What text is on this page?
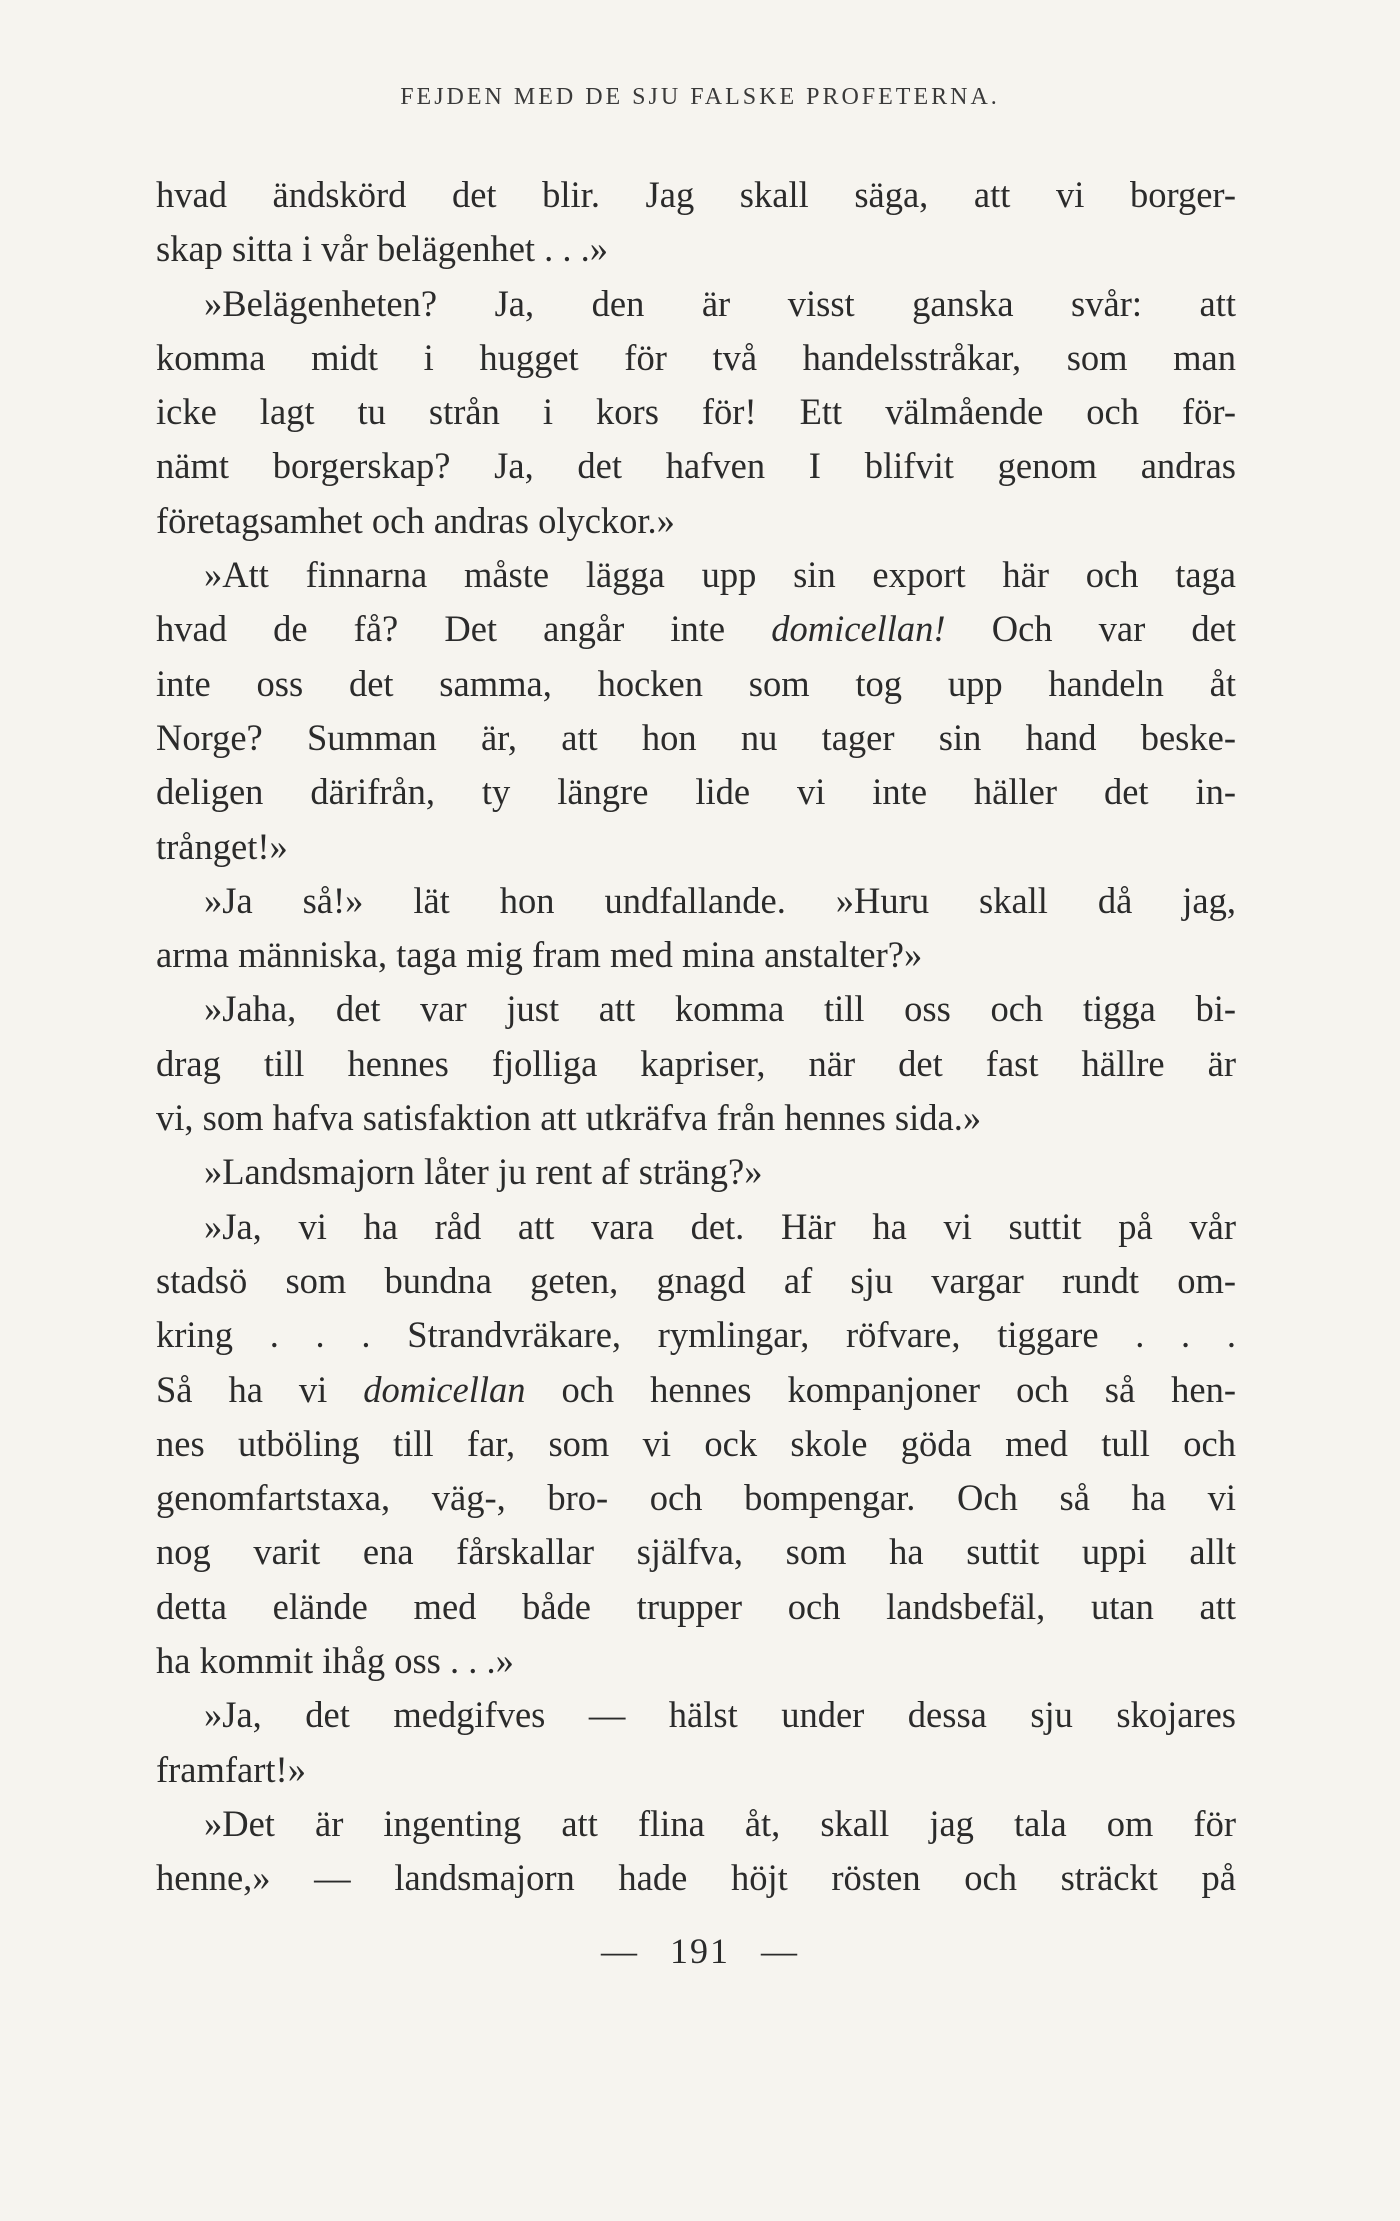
FEJDEN MED DE SJU FALSKE PROFETERNA.
hvad ändskörd det blir. Jag skall säga, att vi borger-
skap sitta i vår belägenhet . . .»
»Belägenheten? Ja, den är visst ganska svår: att
komma midt i hugget för två handelsstråkar, som man
icke lagt tu strån i kors för! Ett välmående och för-
nämt borgerskap? Ja, det hafven I blifvit genom andras
företagsamhet och andras olyckor.»
»Att finnarna måste lägga upp sin export här och taga
hvad de få? Det angår inte domicellan! Och var det
inte oss det samma, hocken som tog upp handeln åt
Norge? Summan är, att hon nu tager sin hand beske-
deligen därifrån, ty längre lide vi inte häller det in-
trånget!»
»Ja så!» lät hon undfallande. »Huru skall då jag,
arma människa, taga mig fram med mina anstalter?»
»Jaha, det var just att komma till oss och tigga bi-
drag till hennes fjolliga kapriser, när det fast hällre är
vi, som hafva satisfaktion att utkräfva från hennes sida.»
»Landsmajorn låter ju rent af sträng?»
»Ja, vi ha råd att vara det. Här ha vi suttit på vår
stadsö som bundna geten, gnagd af sju vargar rundt om-
kring . . . Strandvräkare, rymlingar, röfvare, tiggare . . .
Så ha vi domicellan och hennes kompanjoner och så hen-
nes utböling till far, som vi ock skole göda med tull och
genomfartstaxa, väg-, bro- och bompengar. Och så ha vi
nog varit ena fårskallar själfva, som ha suttit uppi allt
detta elände med både trupper och landsbefäl, utan att
ha kommit ihåg oss . . .»
»Ja, det medgifves — hälst under dessa sju skojares
framfart!»
»Det är ingenting att flina åt, skall jag tala om för
henne,» — landsmajorn hade höjt rösten och sträckt på
— 191 —
